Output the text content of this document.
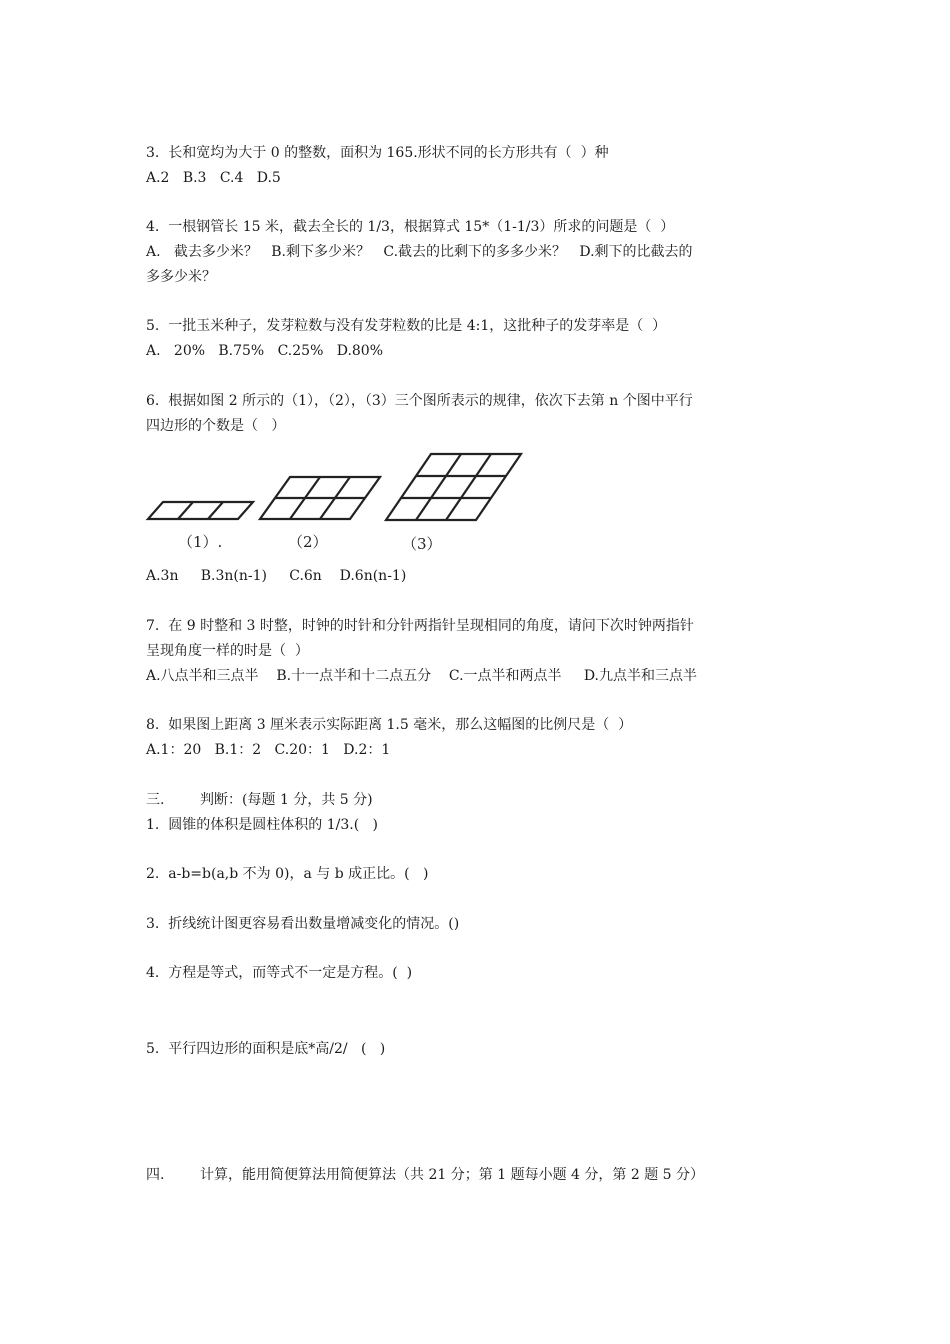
3.  长和宽均为大于 0 的整数，面积为 165.形状不同的长方形共有（  ）种
A.2   B.3   C.4   D.5
4.  一根钢管长 15 米，截去全长的 1/3，根据算式 15*（1-1/3）所求的问题是（  ）
A.   截去多少米？   B.剩下多少米？   C.截去的比剩下的多多少米？   D.剩下的比截去的
多多少米？
5.  一批玉米种子，发芽粒数与没有发芽粒数的比是 4:1，这批种子的发芽率是（  ）
A.   20%   B.75%   C.25%   D.80%
6.  根据如图 2 所示的（1），（2），（3）三个图所表示的规律，依次下去第 n 个图中平行
四边形的个数是（   ）
（1）.	（2）	（3）
A.3n     B.3n(n-1)     C.6n    D.6n(n-1)
7.  在 9 时整和 3 时整，时钟的时针和分针两指针呈现相同的角度，请问下次时钟两指针
呈现角度一样的时是（  ）
A.八点半和三点半    B.十一点半和十二点五分    C.一点半和两点半     D.九点半和三点半
8.  如果图上距离 3 厘米表示实际距离 1.5 毫米，那么这幅图的比例尺是（  ）
A.1：20   B.1：2   C.20：1   D.2：1
三.        判断：(每题 1 分，共 5 分)
1.  圆锥的体积是圆柱体积的 1/3.(   )
2.  a-b=b(a,b 不为 0)，a 与 b 成正比。(   )
3.  折线统计图更容易看出数量增减变化的情况。()
4.  方程是等式，而等式不一定是方程。(  )
5.  平行四边形的面积是底*高/2/   (   )
四.        计算，能用简便算法用简便算法（共 21 分；第 1 题每小题 4 分，第 2 题 5 分）
